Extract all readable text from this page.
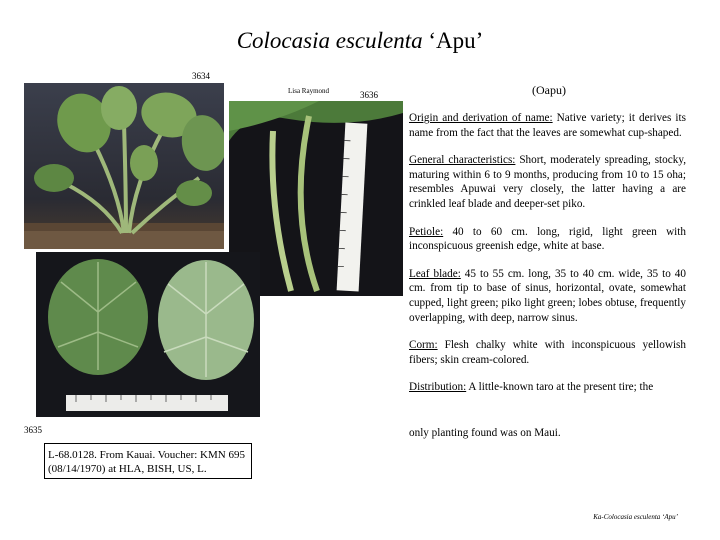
Colocasia esculenta ‘Apu’
3634
Lisa Raymond	3636
3635
(Oapu)

Origin and derivation of name: Native variety; it derives its name from the fact that the leaves are somewhat cup-shaped.

General characteristics: Short, moderately spreading, stocky, maturing within 6 to 9 months, producing from 10 to 15 oha; resembles Apuwai very closely, the latter having a are crinkled leaf blade and deeper-set piko.

Petiole: 40 to 60 cm. long, rigid, light green with inconspicuous greenish edge, white at base.

Leaf blade: 45 to 55 cm. long, 35 to 40 cm. wide, 35 to 40 cm. from tip to base of sinus, horizontal, ovate, somewhat cupped, light green; piko light green; lobes obtuse, frequently overlapping, with deep, narrow sinus.

Corm: Flesh chalky white with inconspicuous yellowish fibers; skin cream-colored.

Distribution: A little-known taro at the present tire; the

only planting found was on Maui.
L-68.0128. From Kauai. Voucher: KMN 695 (08/14/1970) at HLA, BISH, US, L.
Ka-Colocasia esculenta ‘Apu’
